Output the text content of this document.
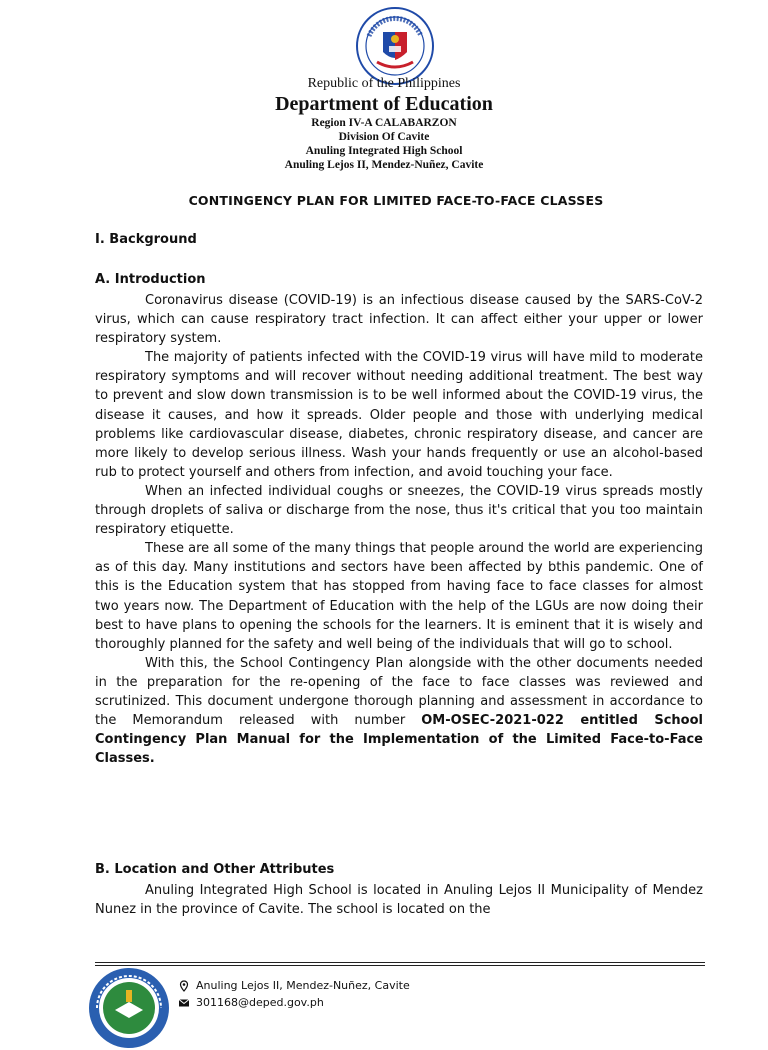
Republic of the Philippines
Department of Education
Region IV-A CALABARZON
Division Of Cavite
Anuling Integrated High School
Anuling Lejos II, Mendez-Nuñez, Cavite
CONTINGENCY PLAN FOR LIMITED FACE-TO-FACE CLASSES
I. Background
A. Introduction

Coronavirus disease (COVID-19) is an infectious disease caused by the SARS-CoV-2 virus, which can cause respiratory tract infection. It can affect either your upper or lower respiratory system.

The majority of patients infected with the COVID-19 virus will have mild to moderate respiratory symptoms and will recover without needing additional treatment. The best way to prevent and slow down transmission is to be well informed about the COVID-19 virus, the disease it causes, and how it spreads. Older people and those with underlying medical problems like cardiovascular disease, diabetes, chronic respiratory disease, and cancer are more likely to develop serious illness. Wash your hands frequently or use an alcohol-based rub to protect yourself and others from infection, and avoid touching your face.

When an infected individual coughs or sneezes, the COVID-19 virus spreads mostly through droplets of saliva or discharge from the nose, thus it's critical that you too maintain respiratory etiquette.

These are all some of the many things that people around the world are experiencing as of this day. Many institutions and sectors have been affected by bthis pandemic. One of this is the Education system that has stopped from having face to face classes for almost two years now. The Department of Education with the help of the LGUs are now doing their best to have plans to opening the schools for the learners. It is eminent that it is wisely and thoroughly planned for the safety and well being of the individuals that will go to school.

With this, the School Contingency Plan alongside with the other documents needed in the preparation for the re-opening of the face to face classes was reviewed and scrutinized. This document undergone thorough planning and assessment in accordance to the Memorandum released with number OM-OSEC-2021-022 entitled School Contingency Plan Manual for the Implementation of the Limited Face-to-Face Classes.

B. Location and Other Attributes

Anuling Integrated High School is located in Anuling Lejos II Municipality of Mendez Nunez in the province of Cavite. The school is located on the

Anuling Lejos II, Mendez-Nuñez, Cavite
301168@deped.gov.ph
